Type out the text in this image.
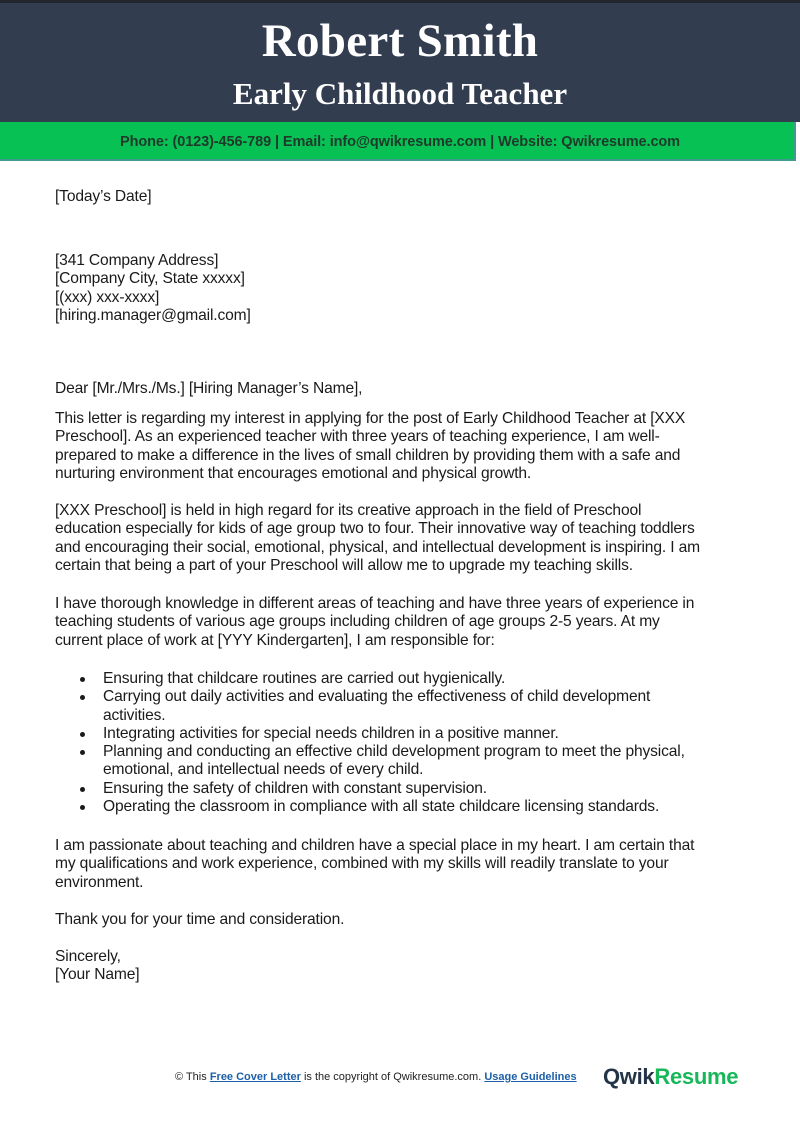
Robert Smith
Early Childhood Teacher
Phone: (0123)-456-789 | Email: info@qwikresume.com | Website: Qwikresume.com
[Today’s Date]
[341 Company Address]
[Company City, State xxxxx]
[(xxx) xxx-xxxx]
[hiring.manager@gmail.com]
Dear [Mr./Mrs./Ms.] [Hiring Manager’s Name],
This letter is regarding my interest in applying for the post of Early Childhood Teacher at [XXX
Preschool]. As an experienced teacher with three years of teaching experience, I am well-
prepared to make a difference in the lives of small children by providing them with a safe and
nurturing environment that encourages emotional and physical growth.
[XXX Preschool] is held in high regard for its creative approach in the field of Preschool
education especially for kids of age group two to four. Their innovative way of teaching toddlers
and encouraging their social, emotional, physical, and intellectual development is inspiring. I am
certain that being a part of your Preschool will allow me to upgrade my teaching skills.
I have thorough knowledge in different areas of teaching and have three years of experience in
teaching students of various age groups including children of age groups 2-5 years. At my
current place of work at [YYY Kindergarten], I am responsible for:
Ensuring that childcare routines are carried out hygienically.
Carrying out daily activities and evaluating the effectiveness of child development
activities.
Integrating activities for special needs children in a positive manner.
Planning and conducting an effective child development program to meet the physical,
emotional, and intellectual needs of every child.
Ensuring the safety of children with constant supervision.
Operating the classroom in compliance with all state childcare licensing standards.
I am passionate about teaching and children have a special place in my heart. I am certain that
my qualifications and work experience, combined with my skills will readily translate to your
environment.
Thank you for your time and consideration.
Sincerely,
[Your Name]
© This Free Cover Letter is the copyright of Qwikresume.com. Usage Guidelines QwikResume
